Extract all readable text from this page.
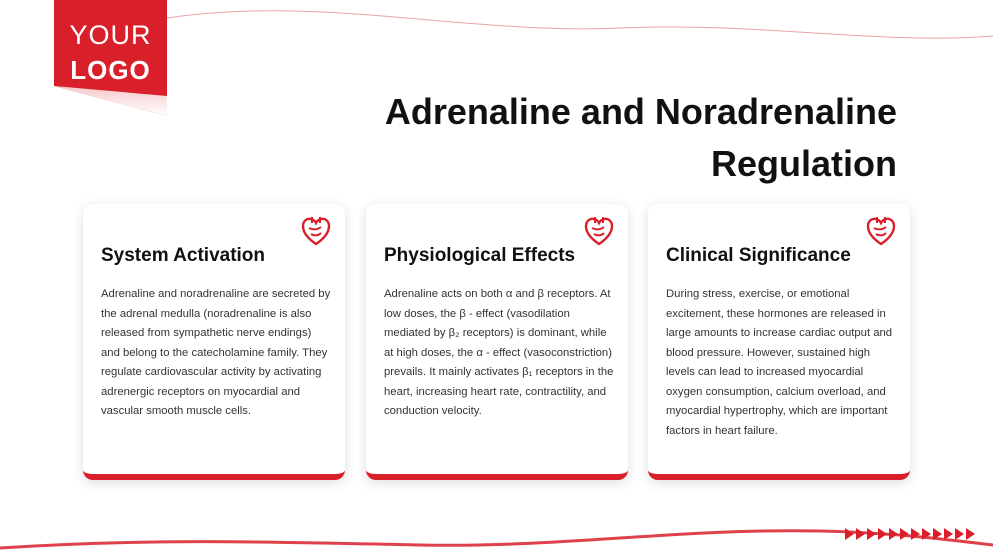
YOUR
LOGO
Adrenaline and Noradrenaline Regulation
System Activation
Adrenaline and noradrenaline are secreted by the adrenal medulla (noradrenaline is also released from sympathetic nerve endings) and belong to the catecholamine family. They regulate cardiovascular activity by activating adrenergic receptors on myocardial and vascular smooth muscle cells.
Physiological Effects
Adrenaline acts on both α and β receptors. At low doses, the β - effect (vasodilation mediated by β₂ receptors) is dominant, while at high doses, the α - effect (vasoconstriction) prevails. It mainly activates β₁ receptors in the heart, increasing heart rate, contractility, and conduction velocity.
Clinical Significance
During stress, exercise, or emotional excitement, these hormones are released in large amounts to increase cardiac output and blood pressure. However, sustained high levels can lead to increased myocardial oxygen consumption, calcium overload, and myocardial hypertrophy, which are important factors in heart failure.
